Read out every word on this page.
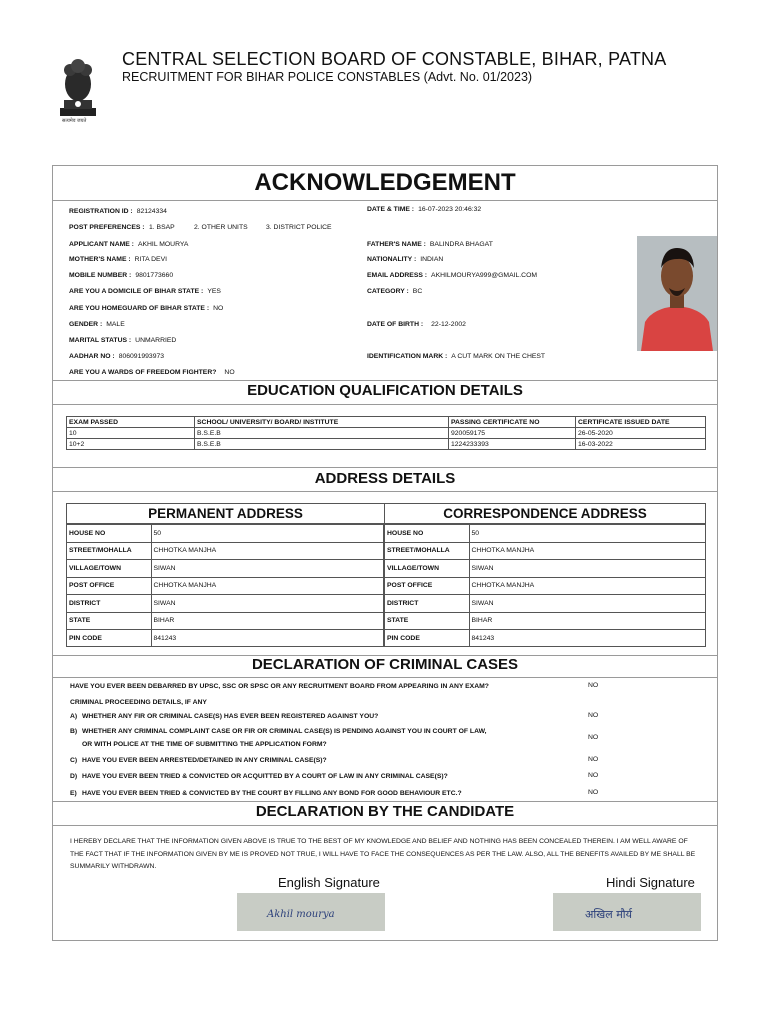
सत्यमेव जयते
CENTRAL SELECTION BOARD OF CONSTABLE, BIHAR, PATNA
RECRUITMENT FOR BIHAR POLICE CONSTABLES (Advt. No. 01/2023)
ACKNOWLEDGEMENT
REGISTRATION ID : 82124334	DATE & TIME : 16-07-2023 20:46:32
POST PREFERENCES : 1. BSAP	2. OTHER UNITS	3. DISTRICT POLICE
APPLICANT NAME : AKHIL MOURYA	FATHER'S NAME : BALINDRA BHAGAT
MOTHER'S NAME : RITA DEVI	NATIONALITY : INDIAN
MOBILE NUMBER : 9801773660	EMAIL ADDRESS : AKHILMOURYA999@GMAIL.COM
ARE YOU A DOMICILE OF BIHAR STATE : YES	CATEGORY : BC
ARE YOU HOMEGUARD OF BIHAR STATE : NO
GENDER : MALE	DATE OF BIRTH : 22-12-2002
MARITAL STATUS : UNMARRIED
AADHAR NO : 806091993973	IDENTIFICATION MARK : A CUT MARK ON THE CHEST
ARE YOU A WARDS OF FREEDOM FIGHTER? NO
EDUCATION QUALIFICATION DETAILS
EXAM PASSED	SCHOOL/ UNIVERSITY/ BOARD/ INSTITUTE	PASSING CERTIFICATE NO	CERTIFICATE ISSUED DATE
10	B.S.E.B	920059175	26-05-2020
10+2	B.S.E.B	1224233393	16-03-2022
ADDRESS DETAILS
PERMANENT ADDRESS
HOUSE NO	50
STREET/MOHALLA	CHHOTKA MANJHA
VILLAGE/TOWN	SIWAN
POST OFFICE	CHHOTKA MANJHA
DISTRICT	SIWAN
STATE	BIHAR
PIN CODE	841243
CORRESPONDENCE ADDRESS
HOUSE NO	50
STREET/MOHALLA	CHHOTKA MANJHA
VILLAGE/TOWN	SIWAN
POST OFFICE	CHHOTKA MANJHA
DISTRICT	SIWAN
STATE	BIHAR
PIN CODE	841243
DECLARATION OF CRIMINAL CASES
HAVE YOU EVER BEEN DEBARRED BY UPSC, SSC OR SPSC OR ANY RECRUITMENT BOARD FROM APPEARING IN ANY EXAM?	NO
CRIMINAL PROCEEDING DETAILS, IF ANY
A) WHETHER ANY FIR OR CRIMINAL CASE(S) HAS EVER BEEN REGISTERED AGAINST YOU?	NO
B) WHETHER ANY CRIMINAL COMPLAINT CASE OR FIR OR CRIMINAL CASE(S) IS PENDING AGAINST YOU IN COURT OF LAW,
OR WITH POLICE AT THE TIME OF SUBMITTING THE APPLICATION FORM?
NO
C) HAVE YOU EVER BEEN ARRESTED/DETAINED IN ANY CRIMINAL CASE(S)?	NO
D) HAVE YOU EVER BEEN TRIED & CONVICTED OR ACQUITTED BY A COURT OF LAW IN ANY CRIMINAL CASE(S)?	NO
E) HAVE YOU EVER BEEN TRIED & CONVICTED BY THE COURT BY FILLING ANY BOND FOR GOOD BEHAVIOUR ETC.?	NO
DECLARATION BY THE CANDIDATE
I HEREBY DECLARE THAT THE INFORMATION GIVEN ABOVE IS TRUE TO THE BEST OF MY KNOWLEDGE AND BELIEF AND NOTHING HAS BEEN CONCEALED THEREIN. I AM WELL AWARE OF THE FACT THAT IF THE INFORMATION GIVEN BY ME IS PROVED NOT TRUE, I WILL HAVE TO FACE THE CONSEQUENCES AS PER THE LAW. ALSO, ALL THE BENEFITS AVAILED BY ME SHALL BE SUMMARILY WITHDRAWN.
English Signature	Hindi Signature
Akhil mourya	अखिल मौर्य
